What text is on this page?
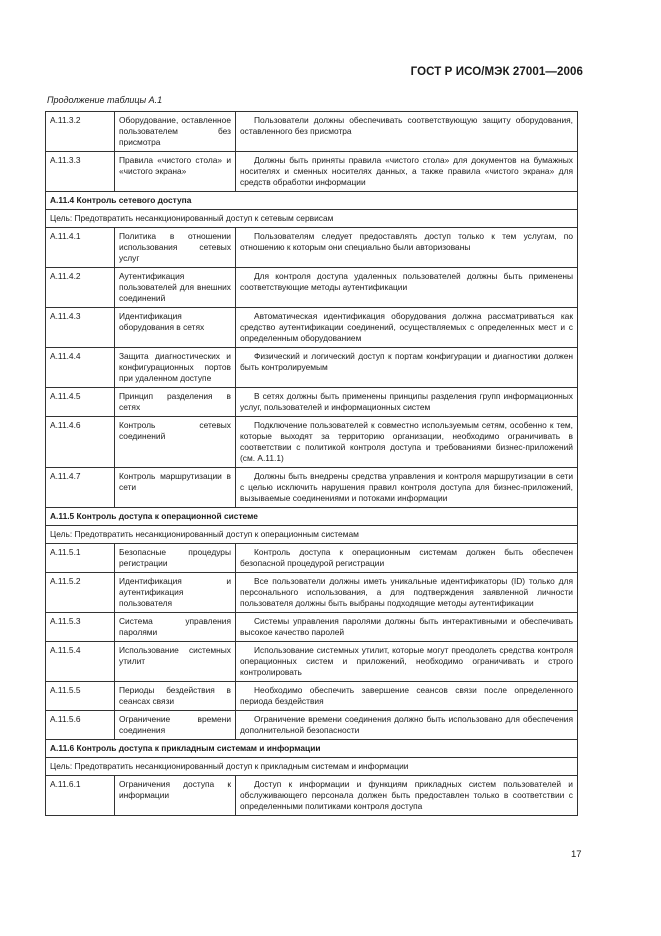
ГОСТ Р ИСО/МЭК 27001—2006
Продолжение таблицы А.1
А.11.3.2	Оборудование, оставленное пользователем без присмотра	Пользователи должны обеспечивать соответствующую защиту оборудования, оставленного без присмотра
А.11.3.3	Правила «чистого стола» и «чистого экрана»	Должны быть приняты правила «чистого стола» для документов на бумажных носителях и сменных носителях данных, а также правила «чистого экрана» для средств обработки информации
А.11.4 Контроль сетевого доступа		
Цель: Предотвратить несанкционированный доступ к сетевым сервисам		
А.11.4.1	Политика в отношении использования сетевых услуг	Пользователям следует предоставлять доступ только к тем услугам, по отношению к которым они специально были авторизованы
А.11.4.2	Аутентификация пользователей для внешних соединений	Для контроля доступа удаленных пользователей должны быть применены соответствующие методы аутентификации
А.11.4.3	Идентификация оборудования в сетях	Автоматическая идентификация оборудования должна рассматриваться как средство аутентификации соединений, осуществляемых с определенных мест и с определенным оборудованием
А.11.4.4	Защита диагностических и конфигурационных портов при удаленном доступе	Физический и логический доступ к портам конфигурации и диагностики должен быть контролируемым
А.11.4.5	Принцип разделения в сетях	В сетях должны быть применены принципы разделения групп информационных услуг, пользователей и информационных систем
А.11.4.6	Контроль сетевых соединений	Подключение пользователей к совместно используемым сетям, особенно к тем, которые выходят за территорию организации, необходимо ограничивать в соответствии с политикой контроля доступа и требованиями бизнес-приложений (см. А.11.1)
А.11.4.7	Контроль маршрутизации в сети	Должны быть внедрены средства управления и контроля маршрутизации в сети с целью исключить нарушения правил контроля доступа для бизнес-приложений, вызываемые соединениями и потоками информации
А.11.5 Контроль доступа к операционной системе		
Цель: Предотвратить несанкционированный доступ к операционным системам		
А.11.5.1	Безопасные процедуры регистрации	Контроль доступа к операционным системам должен быть обеспечен безопасной процедурой регистрации
А.11.5.2	Идентификация и аутентификация пользователя	Все пользователи должны иметь уникальные идентификаторы (ID) только для персонального использования, а для подтверждения заявленной личности пользователя должны быть выбраны подходящие методы аутентификации
А.11.5.3	Система управления паролями	Системы управления паролями должны быть интерактивными и обеспечивать высокое качество паролей
А.11.5.4	Использование системных утилит	Использование системных утилит, которые могут преодолеть средства контроля операционных систем и приложений, необходимо ограничивать и строго контролировать
А.11.5.5	Периоды бездействия в сеансах связи	Необходимо обеспечить завершение сеансов связи после определенного периода бездействия
А.11.5.6	Ограничение времени соединения	Ограничение времени соединения должно быть использовано для обеспечения дополнительной безопасности
А.11.6 Контроль доступа к прикладным системам и информации		
Цель: Предотвратить несанкционированный доступ к прикладным системам и информации		
А.11.6.1	Ограничения доступа к информации	Доступ к информации и функциям прикладных систем пользователей и обслуживающего персонала должен быть предоставлен только в соответствии с определенными политиками контроля доступа
17
